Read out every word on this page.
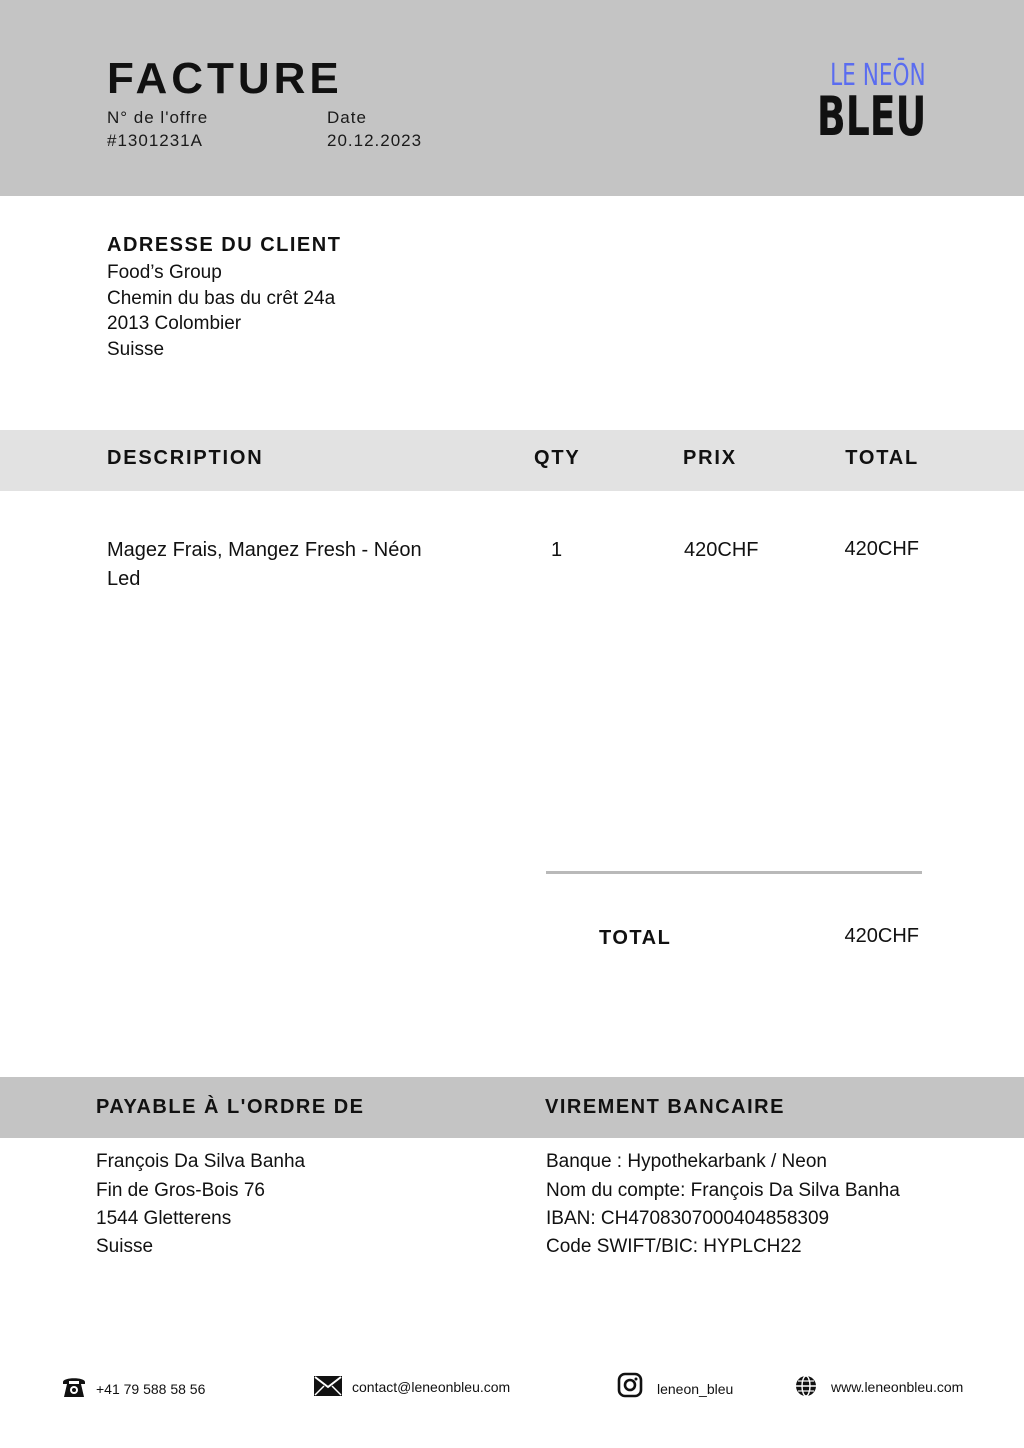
FACTURE
N° de l'offre
#1301231A
Date
20.12.2023
LE NEŌN
BLEU
ADRESSE DU CLIENT
Food’s Group
Chemin du bas du crêt 24a
2013 Colombier
Suisse
DESCRIPTION	QTY	PRIX	TOTAL
Magez Frais, Mangez Fresh - Néon
Led
1	420CHF	420CHF
TOTAL	420CHF
PAYABLE À L'ORDRE DE	VIREMENT BANCAIRE
François Da Silva Banha
Fin de Gros-Bois 76
1544 Gletterens
Suisse
Banque : Hypothekarbank / Neon
Nom du compte: François Da Silva Banha
IBAN: CH4708307000404858309
Code SWIFT/BIC: HYPLCH22
+41 79 588 58 56	contact@leneonbleu.com	leneon_bleu	www.leneonbleu.com
